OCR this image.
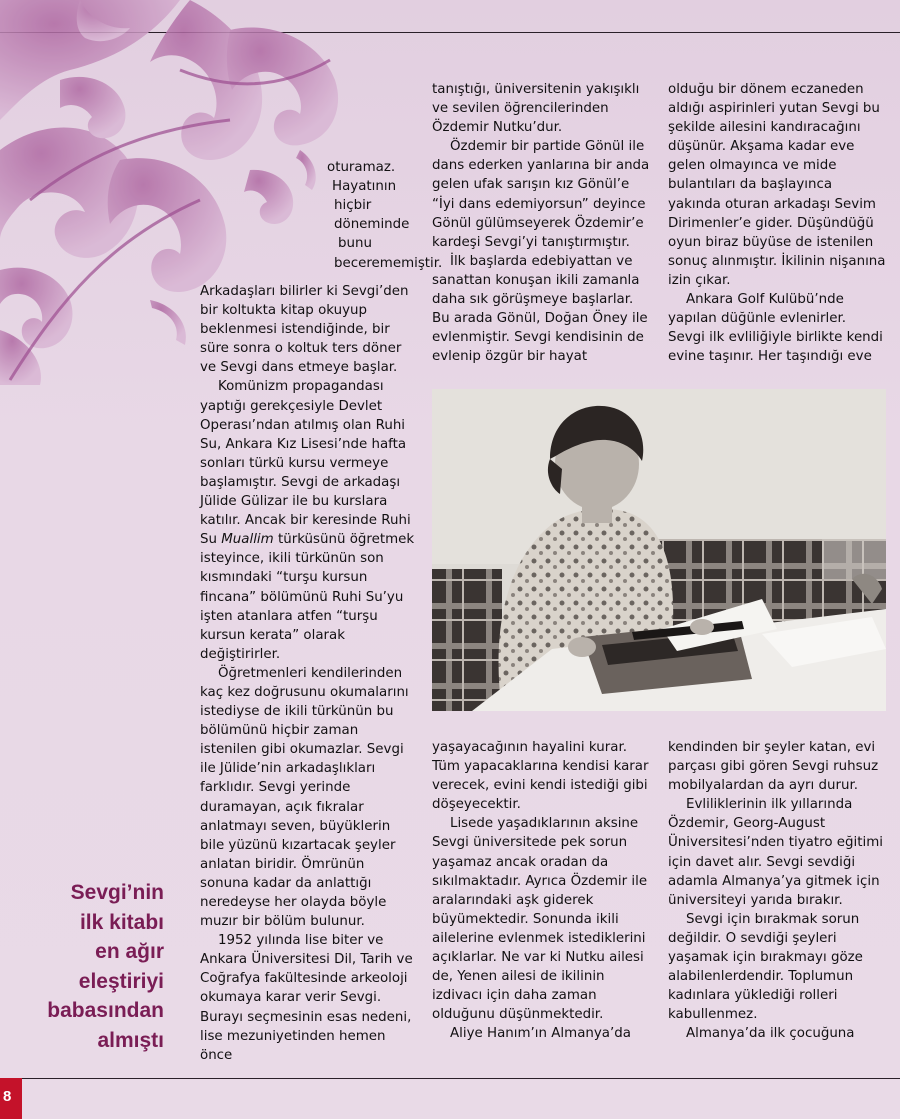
oturamaz.
Hayatının
hiçbir
döneminde
bunu
becerememiştir.

Arkadaşları bilirler ki Sevgi’den bir koltukta kitap okuyup beklenmesi istendiğinde, bir süre sonra o koltuk ters döner ve Sevgi dans etmeye başlar.

Komünizm propagandası yaptığı gerekçesiyle Devlet Operası’ndan atılmış olan Ruhi Su, Ankara Kız Lisesi’nde hafta sonları türkü kursu vermeye başlamıştır. Sevgi de arkadaşı Jülide Gülizar ile bu kurslara katılır. Ancak bir keresinde Ruhi Su Muallim türküsünü öğretmek isteyince, ikili türkünün son kısmındaki “turşu kursun fincana” bölümünü Ruhi Su’yu işten atanlara atfen “turşu kursun kerata” olarak değiştirirler.

Öğretmenleri kendilerinden kaç kez doğrusunu okumalarını istediyse de ikili türkünün bu bölümünü hiçbir zaman istenilen gibi okumazlar. Sevgi ile Jülide’nin arkadaşlıkları farklıdır. Sevgi yerinde duramayan, açık fıkralar anlatmayı seven, büyüklerin bile yüzünü kızartacak şeyler anlatan biridir. Ömrünün sonuna kadar da anlattığı neredeyse her olayda böyle muzır bir bölüm bulunur.

1952 yılında lise biter ve Ankara Üniversitesi Dil, Tarih ve Coğrafya fakültesinde arkeoloji okumaya karar verir Sevgi. Burayı seçmesinin esas nedeni, lise mezuniyetinden hemen önce

tanıştığı, üniversitenin yakışıklı ve sevilen öğrencilerinden Özdemir Nutku’dur.

Özdemir bir partide Gönül ile dans ederken yanlarına bir anda gelen ufak sarışın kız Gönül’e “İyi dans edemiyorsun” deyince Gönül gülümseyerek Özdemir’e kardeşi Sevgi’yi tanıştırmıştır.

İlk başlarda edebiyattan ve sanattan konuşan ikili zamanla daha sık görüşmeye başlarlar. Bu arada Gönül, Doğan Öney ile evlenmiştir. Sevgi kendisinin de evlenip özgür bir hayat

olduğu bir dönem eczaneden aldığı aspirinleri yutan Sevgi bu şekilde ailesini kandıracağını düşünür. Akşama kadar eve gelen olmayınca ve mide bulantıları da başlayınca yakında oturan arkadaşı Sevim Dirimenler’e gider. Düşündüğü oyun biraz büyüse de istenilen sonuç alınmıştır. İkilinin nişanına izin çıkar.

Ankara Golf Kulübü’nde yapılan düğünle evlenirler. Sevgi ilk evliliğiyle birlikte kendi evine taşınır. Her taşındığı eve

yaşayacağının hayalini kurar. Tüm yapacaklarına kendisi karar verecek, evini kendi istediği gibi döşeyecektir.

Lisede yaşadıklarının aksine Sevgi üniversitede pek sorun yaşamaz ancak oradan da sıkılmaktadır. Ayrıca Özdemir ile aralarındaki aşk giderek büyümektedir. Sonunda ikili ailelerine evlenmek istediklerini açıklarlar. Ne var ki Nutku ailesi de, Yenen ailesi de ikilinin izdivacı için daha zaman olduğunu düşünmektedir.

Aliye Hanım’ın Almanya’da

kendinden bir şeyler katan, evi parçası gibi gören Sevgi ruhsuz mobilyalardan da ayrı durur.

Evliliklerinin ilk yıllarında Özdemir, Georg-August Üniversitesi’nden tiyatro eğitimi için davet alır. Sevgi sevdiği adamla Almanya’ya gitmek için üniversiteyi yarıda bırakır.

Sevgi için bırakmak sorun değildir. O sevdiği şeyleri yaşamak için bırakmayı göze alabilenlerdendir. Toplumun kadınlara yüklediği rolleri kabullenmez.

Almanya’da ilk çocuğuna

Sevgi’nin
ilk kitabı
en ağır
eleştiriyi
babasından
almıştı
8
